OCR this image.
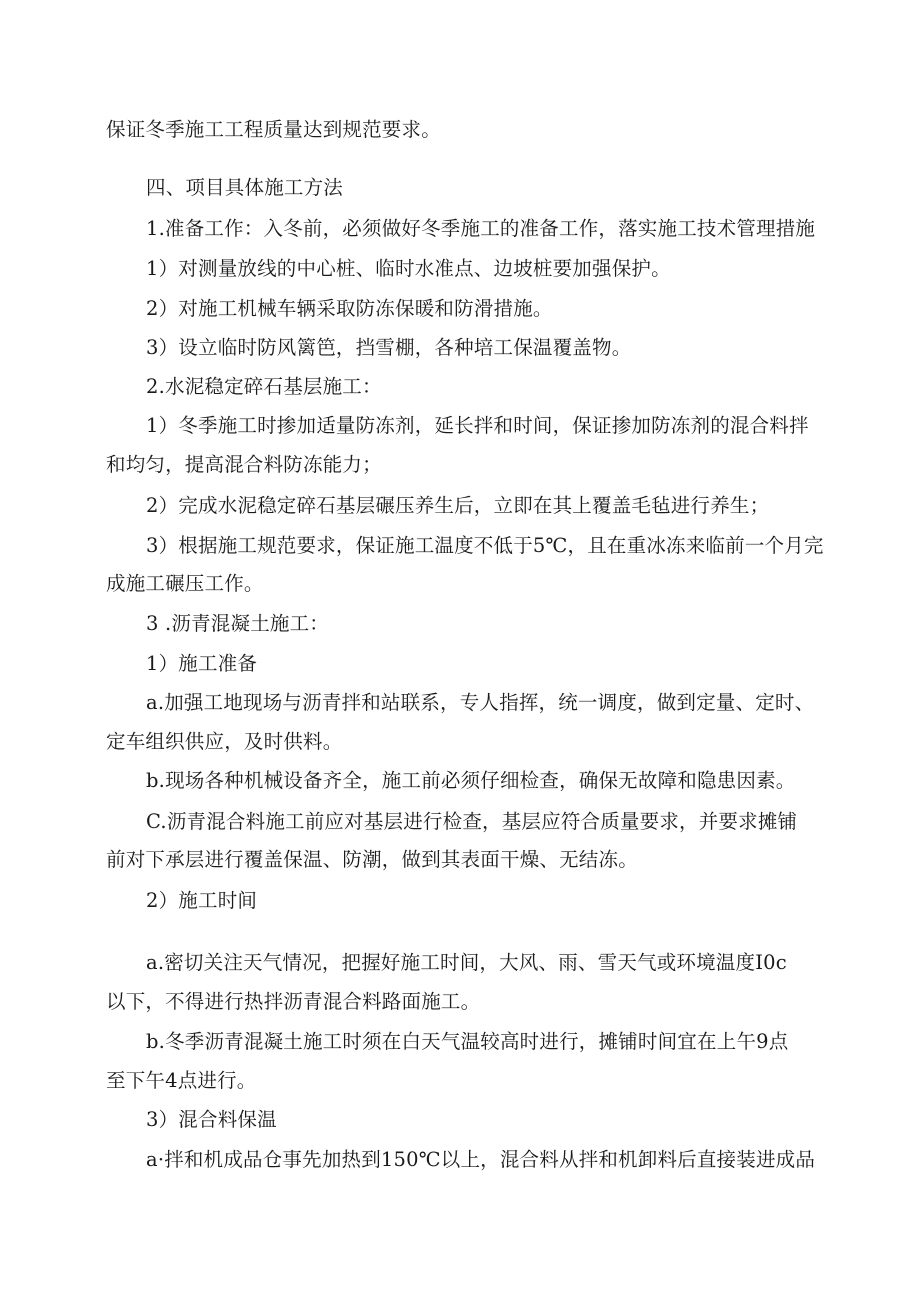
保证冬季施工工程质量达到规范要求。
四、项目具体施工方法
1.准备工作：入冬前，必须做好冬季施工的准备工作，落实施工技术管理措施
1）对测量放线的中心桩、临时水准点、边坡桩要加强保护。
2）对施工机械车辆采取防冻保暖和防滑措施。
3）设立临时防风篱笆，挡雪棚，各种培工保温覆盖物。
2.水泥稳定碎石基层施工：
1）冬季施工时掺加适量防冻剂，延长拌和时间，保证掺加防冻剂的混合料拌
和均匀，提高混合料防冻能力；
2）完成水泥稳定碎石基层碾压养生后，立即在其上覆盖毛毡进行养生；
3）根据施工规范要求，保证施工温度不低于5℃，且在重冰冻来临前一个月完
成施工碾压工作。
3 .沥青混凝土施工：
1）施工准备
a.加强工地现场与沥青拌和站联系，专人指挥，统一调度，做到定量、定时、
定车组织供应，及时供料。
b.现场各种机械设备齐全，施工前必须仔细检查，确保无故障和隐患因素。
C.沥青混合料施工前应对基层进行检查，基层应符合质量要求，并要求摊铺
前对下承层进行覆盖保温、防潮，做到其表面干燥、无结冻。
2）施工时间
a.密切关注天气情况，把握好施工时间，大风、雨、雪天气或环境温度I0c
以下，不得进行热拌沥青混合料路面施工。
b.冬季沥青混凝土施工时须在白天气温较高时进行，摊铺时间宜在上午9点
至下午4点进行。
3）混合料保温
a·拌和机成品仓事先加热到150℃以上，混合料从拌和机卸料后直接装进成品
